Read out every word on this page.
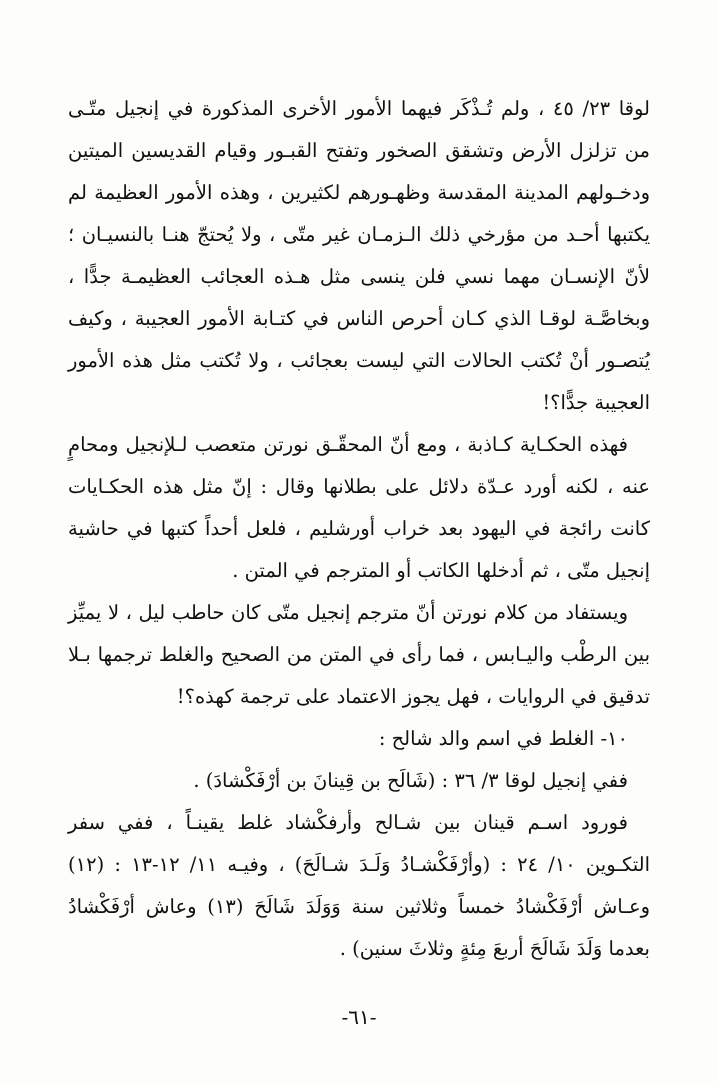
لوقا ٢٣/ ٤٥ ، ولم تُـذْكَر فيهما الأمور الأخرى المذكورة في إنجيل متّـى من تزلزل الأرض وتشقق الصخور وتفتح القبـور وقيام القديسين الميتين ودخـولهم المدينة المقدسة وظهـورهم لكثيرين ، وهذه الأمور العظيمة لم يكتبها أحـد من مؤرخي ذلك الـزمـان غير متّى ، ولا يُحتجّ هنـا بالنسيـان ؛ لأنّ الإنسـان مهما نسي فلن ينسى مثل هـذه العجائب العظيمـة جدًّا ، وبخاصَّـة لوقـا الذي كـان أحرص الناس في كتـابة الأمور العجيبة ، وكيف يُتصـور أنْ تُكتب الحالات التي ليست بعجائب ، ولا تُكتب مثل هذه الأمور العجيبة جدًّا؟!

فهذه الحكـاية كـاذبة ، ومع أنّ المحقّـق نورتن متعصب لـلإنجيل ومحامٍ عنه ، لكنه أورد عـدّة دلائل على بطلانها وقال : إنّ مثل هذه الحكـايات كانت رائجة في اليهود بعد خراب أورشليم ، فلعل أحداً كتبها في حاشية إنجيل متّى ، ثم أدخلها الكاتب أو المترجم في المتن .

ويستفاد من كلام نورتن أنّ مترجم إنجيل متّى كان حاطب ليل ، لا يميِّز بين الرطْب واليـابس ، فما رأى في المتن من الصحيح والغلط ترجمها بـلا تدقيق في الروايات ، فهل يجوز الاعتماد على ترجمة كهذه؟!

١٠- الغلط في اسم والد شالح :

ففي إنجيل لوقا ٣/ ٣٦ : (شَالَح بن قِينانَ بن أرْفَكْشادَ) .

فورود اسـم قينان بين شـالح وأرفكْشاد غلط يقينـاً ، ففي سفر التكـوين ١٠/ ٢٤ : (وأرْفَكْشـادُ وَلَـدَ شـالَحَ) ، وفيـه ١١/ ١٢-١٣ : (١٢) وعـاش أرْفَكْشادُ خمساً وثلاثين سنة وَوَلَدَ شَالَحَ (١٣) وعاش أرْفَكْشادُ بعدما وَلَدَ شَالَحَ أربعَ مِئةٍ وثلاثَ سنين) .

-٦١-
